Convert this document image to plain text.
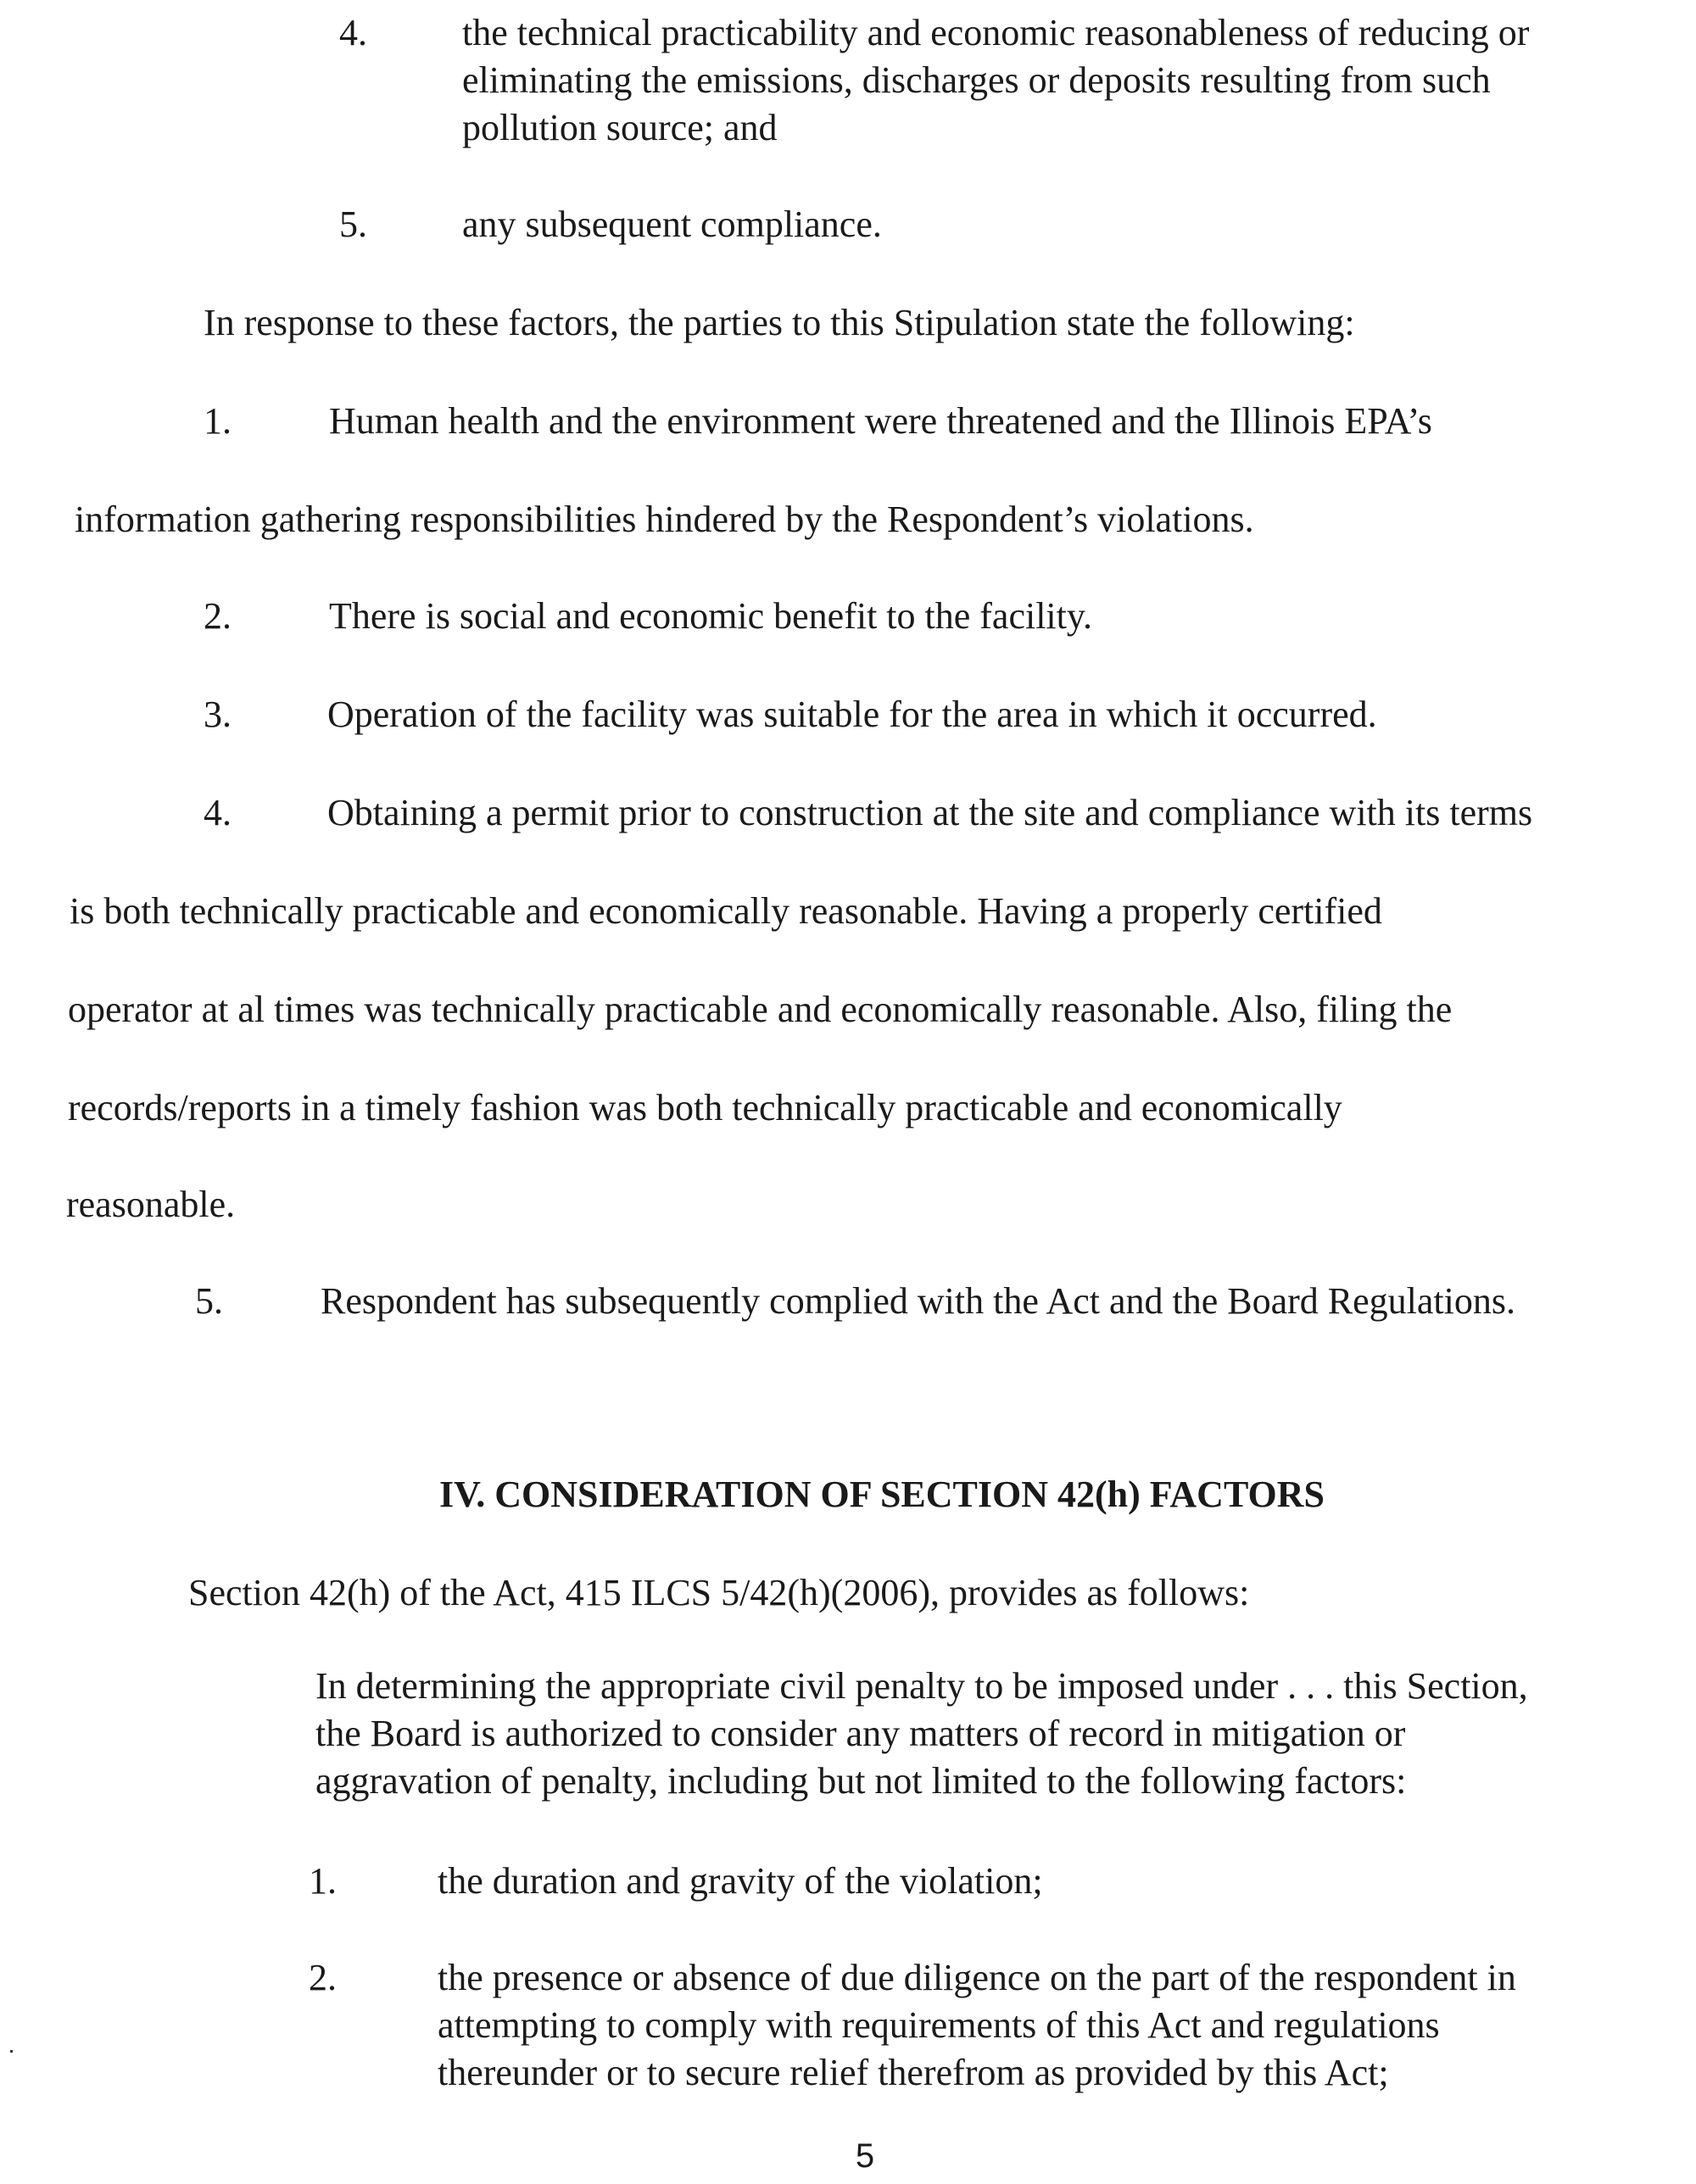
4.	the technical practicability and economic reasonableness of reducing or
eliminating the emissions, discharges or deposits resulting from such
pollution source; and
5.	any subsequent compliance.
In response to these factors, the parties to this Stipulation state the following:
1.	Human health and the environment were threatened and the Illinois EPA’s
information gathering responsibilities hindered by the Respondent’s violations.
2.	There is social and economic benefit to the facility.
3.	Operation of the facility was suitable for the area in which it occurred.
4.	Obtaining a permit prior to construction at the site and compliance with its terms
is both technically practicable and economically reasonable. Having a properly certified
operator at al times was technically practicable and economically reasonable. Also, filing the
records/reports in a timely fashion was both technically practicable and economically
reasonable.
5.	Respondent has subsequently complied with the Act and the Board Regulations.
IV. CONSIDERATION OF SECTION 42(h) FACTORS
Section 42(h) of the Act, 415 ILCS 5/42(h)(2006), provides as follows:
In determining the appropriate civil penalty to be imposed under . . . this Section,
the Board is authorized to consider any matters of record in mitigation or
aggravation of penalty, including but not limited to the following factors:
1.	the duration and gravity of the violation;
2.	the presence or absence of due diligence on the part of the respondent in
attempting to comply with requirements of this Act and regulations
thereunder or to secure relief therefrom as provided by this Act;
5
